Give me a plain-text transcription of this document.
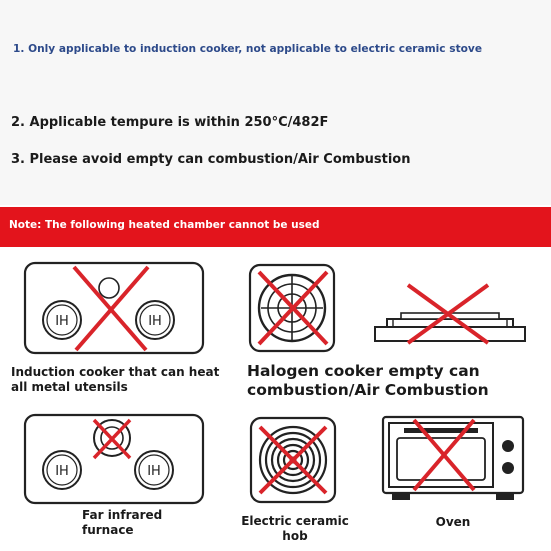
1. Only applicable to induction cooker, not applicable to electric ceramic stove
2. Applicable tempure is within 250°C/482F
3. Please avoid empty can combustion/Air Combustion
Note: The following heated chamber cannot be used
IH	IH
Induction cooker that can heat
all metal utensils
Halogen cooker empty can
combustion/Air Combustion
IH	IH
Far infrared
furnace
Electric ceramic
hob
Oven
